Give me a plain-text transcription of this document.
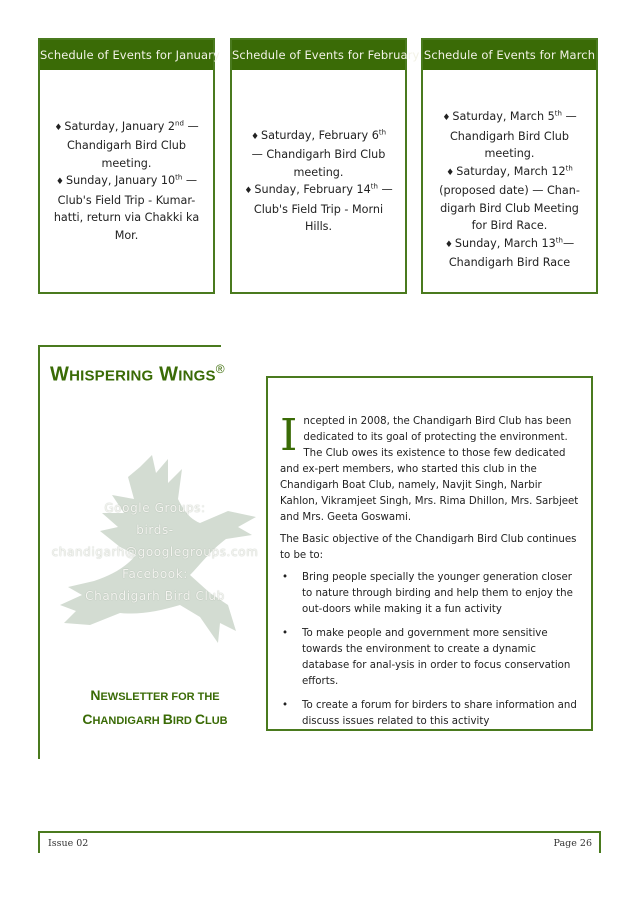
Schedule of Events for January

♦ Saturday, January 2nd — Chandigarh Bird Club meeting.

♦ Sunday, January 10th — Club's Field Trip - Kumar-hatti, return via Chakki ka Mor.

Schedule of Events for February

♦ Saturday, February 6th — Chandigarh Bird Club meeting.

♦ Sunday, February 14th — Club's Field Trip - Morni Hills.

Schedule of Events for March

♦ Saturday, March 5th — Chandigarh Bird Club meeting.

♦ Saturday, March 12th (proposed date) — Chan-digarh Bird Club Meeting for Bird Race.

♦ Sunday, March 13th— Chandigarh Bird Race

WHISPERING WINGS®
Google Groups:
birds-
chandigarh@googlegroups.com
Facebook:
Chandigarh Bird Club
NEWSLETTER FOR THE
CHANDIGARH BIRD CLUB

Incepted in 2008, the Chandigarh Bird Club has been dedicated to its goal of protecting the environment. The Club owes its existence to those few dedicated and ex-pert members, who started this club in the Chandigarh Boat Club, namely, Navjit Singh, Narbir Kahlon, Vikramjeet Singh, Mrs. Rima Dhillon, Mrs. Sarbjeet and Mrs. Geeta Goswami.

The Basic objective of the Chandigarh Bird Club continues to be to:

• Bring people specially the younger generation closer to nature through birding and help them to enjoy the out-doors while making it a fun activity
• To make people and government more sensitive towards the environment to create a dynamic database for anal-ysis in order to focus conservation efforts.
• To create a forum for birders to share information and discuss issues related to this activity
Issue 02	Page 26
